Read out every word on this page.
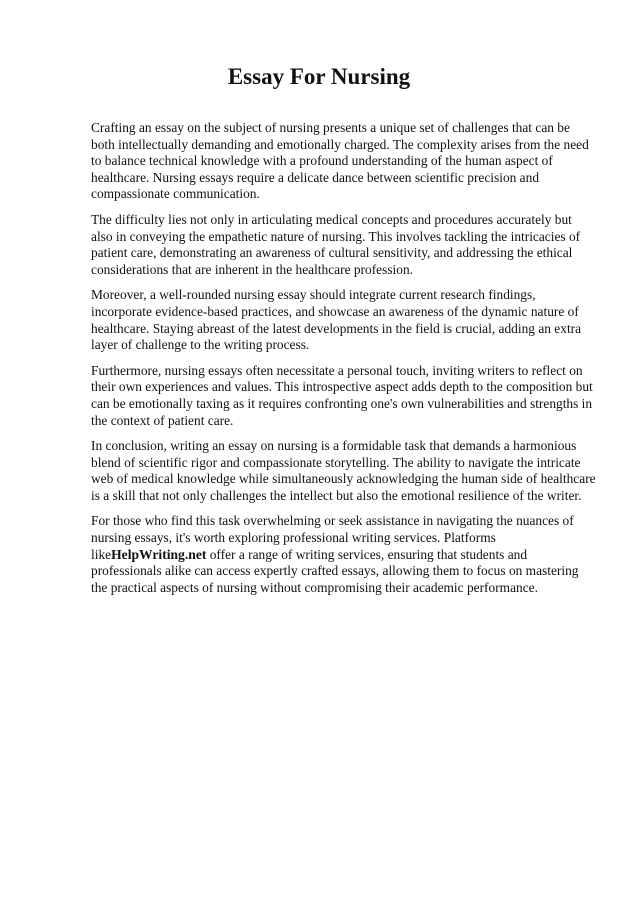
Essay For Nursing

Crafting an essay on the subject of nursing presents a unique set of challenges that can be both intellectually demanding and emotionally charged. The complexity arises from the need to balance technical knowledge with a profound understanding of the human aspect of healthcare. Nursing essays require a delicate dance between scientific precision and compassionate communication.

The difficulty lies not only in articulating medical concepts and procedures accurately but also in conveying the empathetic nature of nursing. This involves tackling the intricacies of patient care, demonstrating an awareness of cultural sensitivity, and addressing the ethical considerations that are inherent in the healthcare profession.

Moreover, a well-rounded nursing essay should integrate current research findings, incorporate evidence-based practices, and showcase an awareness of the dynamic nature of healthcare. Staying abreast of the latest developments in the field is crucial, adding an extra layer of challenge to the writing process.

Furthermore, nursing essays often necessitate a personal touch, inviting writers to reflect on their own experiences and values. This introspective aspect adds depth to the composition but can be emotionally taxing as it requires confronting one's own vulnerabilities and strengths in the context of patient care.

In conclusion, writing an essay on nursing is a formidable task that demands a harmonious blend of scientific rigor and compassionate storytelling. The ability to navigate the intricate web of medical knowledge while simultaneously acknowledging the human side of healthcare is a skill that not only challenges the intellect but also the emotional resilience of the writer.

For those who find this task overwhelming or seek assistance in navigating the nuances of nursing essays, it's worth exploring professional writing services. Platforms likeHelpWriting.net offer a range of writing services, ensuring that students and professionals alike can access expertly crafted essays, allowing them to focus on mastering the practical aspects of nursing without compromising their academic performance.
